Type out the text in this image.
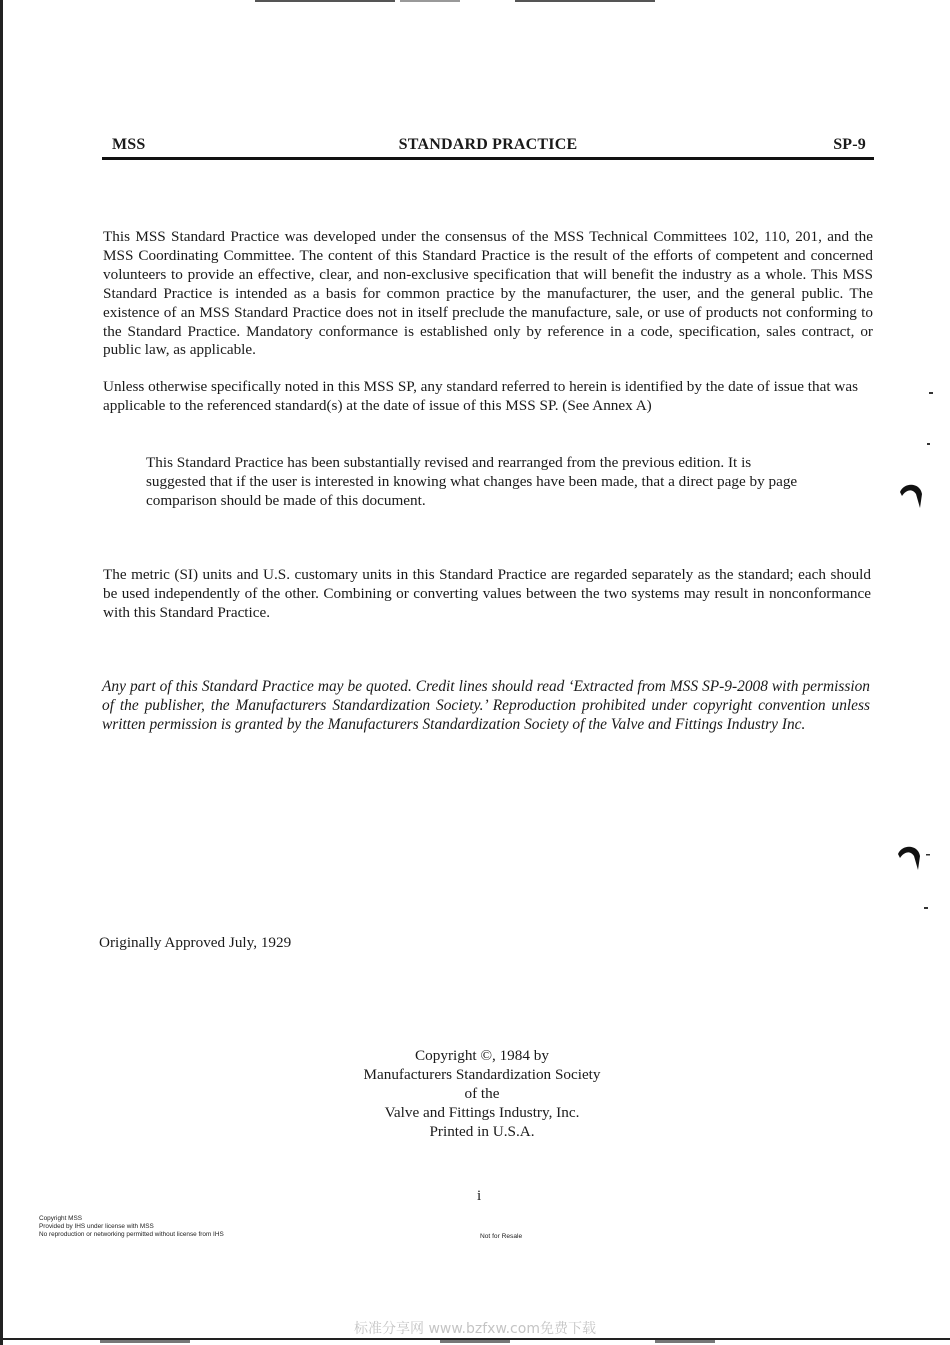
MSS	STANDARD PRACTICE	SP-9

This MSS Standard Practice was developed under the consensus of the MSS Technical Committees 102, 110, 201, and the MSS Coordinating Committee. The content of this Standard Practice is the result of the efforts of competent and concerned volunteers to provide an effective, clear, and non-exclusive specification that will benefit the industry as a whole. This MSS Standard Practice is intended as a basis for common practice by the manufacturer, the user, and the general public. The existence of an MSS Standard Practice does not in itself preclude the manufacture, sale, or use of products not conforming to the Standard Practice. Mandatory conformance is established only by reference in a code, specification, sales contract, or public law, as applicable.

Unless otherwise specifically noted in this MSS SP, any standard referred to herein is identified by the date of issue that was applicable to the referenced standard(s) at the date of issue of this MSS SP. (See Annex A)

This Standard Practice has been substantially revised and rearranged from the previous edition. It is suggested that if the user is interested in knowing what changes have been made, that a direct page by page comparison should be made of this document.

The metric (SI) units and U.S. customary units in this Standard Practice are regarded separately as the standard; each should be used independently of the other. Combining or converting values between the two systems may result in nonconformance with this Standard Practice.

Any part of this Standard Practice may be quoted. Credit lines should read ‘Extracted from MSS SP-9-2008 with permission of the publisher, the Manufacturers Standardization Society.’ Reproduction prohibited under copyright convention unless written permission is granted by the Manufacturers Standardization Society of the Valve and Fittings Industry Inc.

Originally Approved July, 1929
Copyright ©, 1984 by
Manufacturers Standardization Society
of the
Valve and Fittings Industry, Inc.
Printed in U.S.A.
i
Copyright MSS
Provided by IHS under license with MSS
No reproduction or networking permitted without license from IHS	Not for Resale
标准分享网 www.bzfxw.com免费下载
